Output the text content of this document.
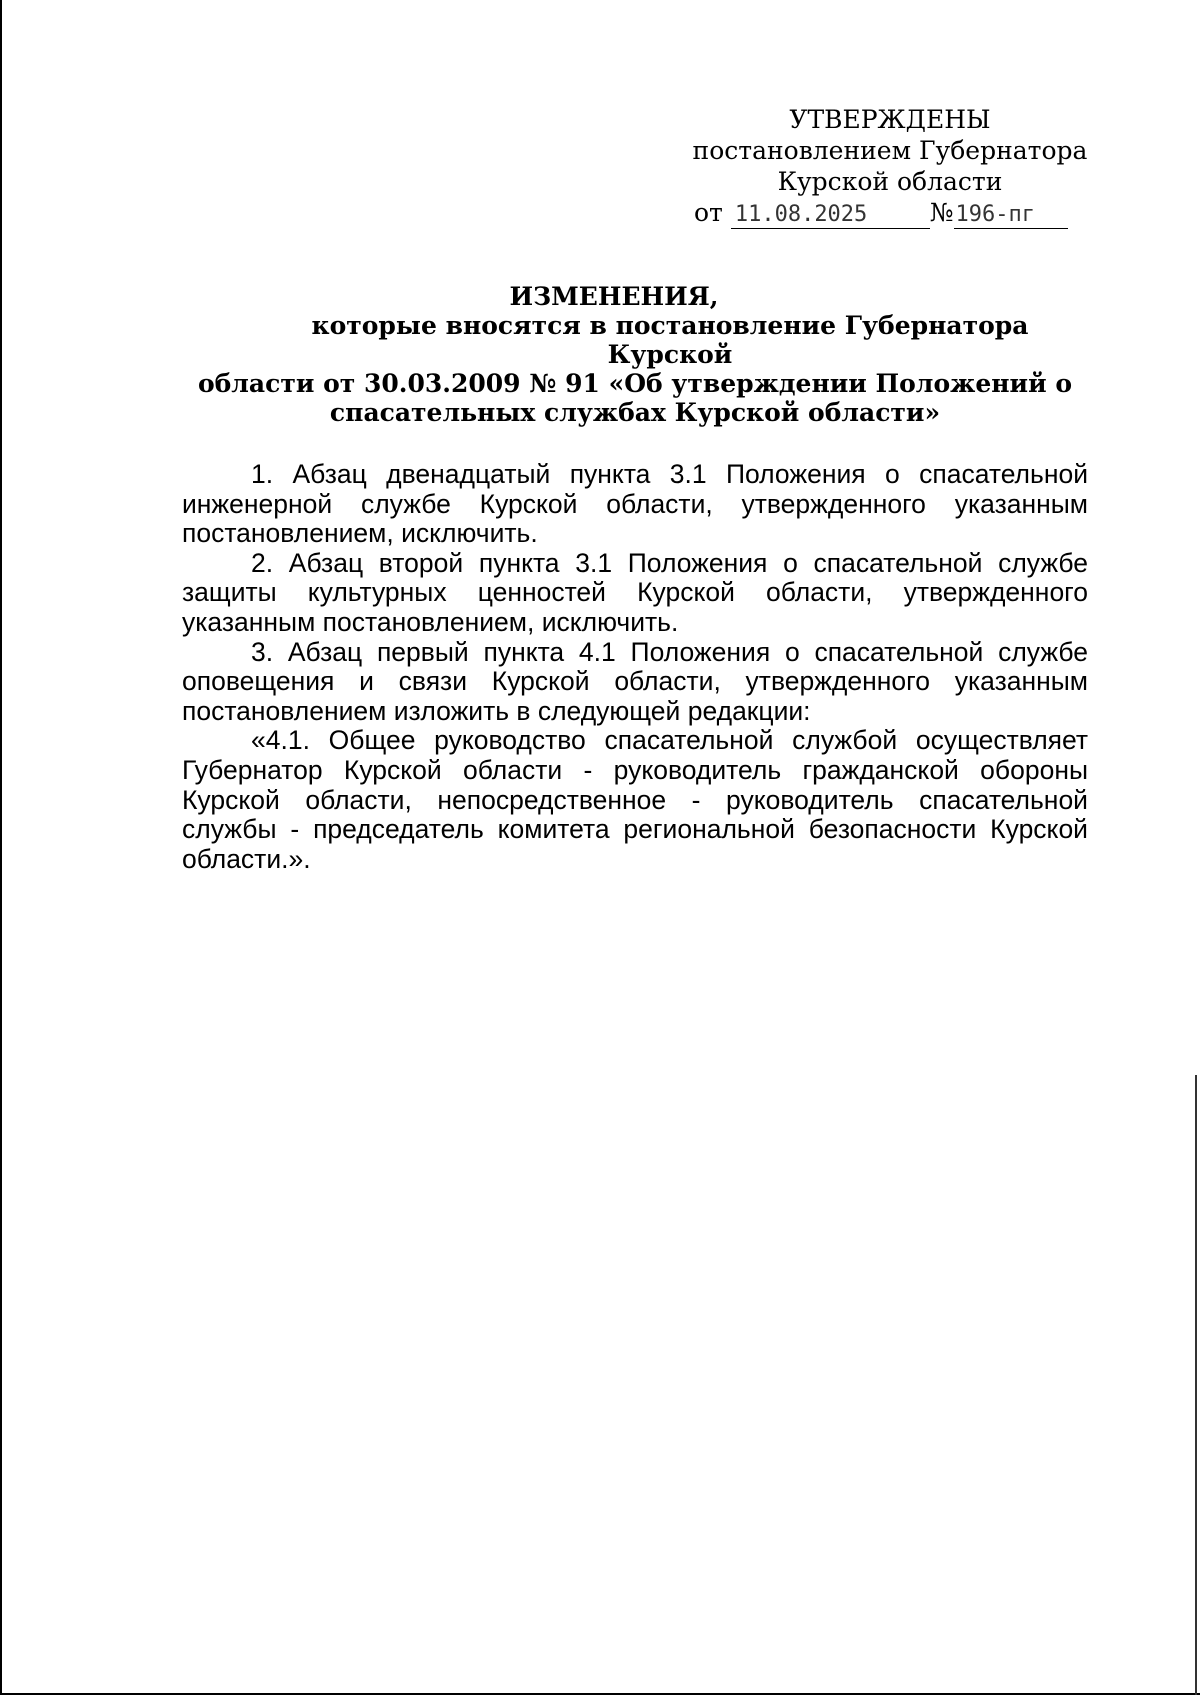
УТВЕРЖДЕНЫ
постановлением Губернатора
Курской области
от 11.08.2025	№196-пг
ИЗМЕНЕНИЯ,
которые вносятся в постановление Губернатора Курской
области от 30.03.2009 № 91 «Об утверждении Положений о
спасательных службах Курской области»

1. Абзац двенадцатый пункта 3.1 Положения о спасательной инженерной службе Курской области, утвержденного указанным постановлением, исключить.

2. Абзац второй пункта 3.1 Положения о спасательной службе защиты культурных ценностей Курской области, утвержденного указанным постановлением, исключить.

3. Абзац первый пункта 4.1 Положения о спасательной службе оповещения и связи Курской области, утвержденного указанным постановлением изложить в следующей редакции:

«4.1. Общее руководство спасательной службой осуществляет Губернатор Курской области - руководитель гражданской обороны Курской области, непосредственное - руководитель спасательной службы - председатель комитета региональной безопасности Курской области.».
